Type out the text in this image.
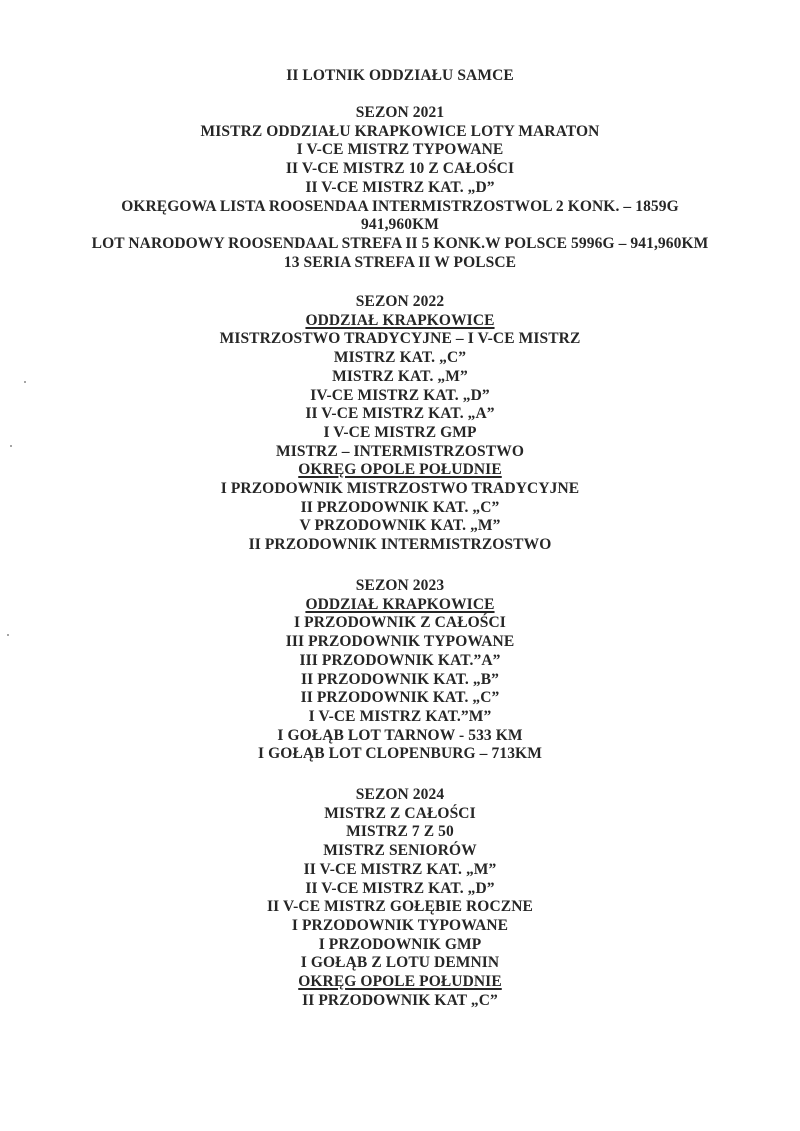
II LOTNIK ODDZIAŁU SAMCE
SEZON 2021
MISTRZ ODDZIAŁU KRAPKOWICE LOTY MARATON
I V-CE MISTRZ TYPOWANE
II V-CE MISTRZ 10 Z CAŁOŚCI
II V-CE MISTRZ KAT. „D”
OKRĘGOWA LISTA ROOSENDAA INTERMISTRZOSTWOL 2 KONK. – 1859G
941,960KM
LOT NARODOWY ROOSENDAAL STREFA II 5 KONK.W POLSCE 5996G – 941,960KM
13 SERIA STREFA II W POLSCE
SEZON 2022
ODDZIAŁ KRAPKOWICE
MISTRZOSTWO TRADYCYJNE – I V-CE MISTRZ
MISTRZ KAT. „C”
MISTRZ KAT. „M”
IV-CE MISTRZ KAT. „D”
II V-CE MISTRZ KAT. „A”
I V-CE MISTRZ GMP
MISTRZ – INTERMISTRZOSTWO
OKRĘG OPOLE POŁUDNIE
I PRZODOWNIK MISTRZOSTWO TRADYCYJNE
II PRZODOWNIK KAT. „C”
V PRZODOWNIK KAT. „M”
II PRZODOWNIK INTERMISTRZOSTWO
SEZON 2023
ODDZIAŁ KRAPKOWICE
I PRZODOWNIK Z CAŁOŚCI
III PRZODOWNIK TYPOWANE
III PRZODOWNIK KAT.”A”
II PRZODOWNIK KAT. „B”
II PRZODOWNIK KAT. „C”
I V-CE MISTRZ KAT.”M”
I GOŁĄB LOT TARNOW - 533 KM
I GOŁĄB LOT CLOPENBURG – 713KM
SEZON 2024
MISTRZ Z CAŁOŚCI
MISTRZ 7 Z 50
MISTRZ SENIORÓW
II V-CE MISTRZ KAT. „M”
II V-CE MISTRZ KAT. „D”
II V-CE MISTRZ GOŁĘBIE ROCZNE
I PRZODOWNIK TYPOWANE
I PRZODOWNIK GMP
I GOŁĄB Z LOTU DEMNIN
OKRĘG OPOLE POŁUDNIE
II PRZODOWNIK KAT „C”
